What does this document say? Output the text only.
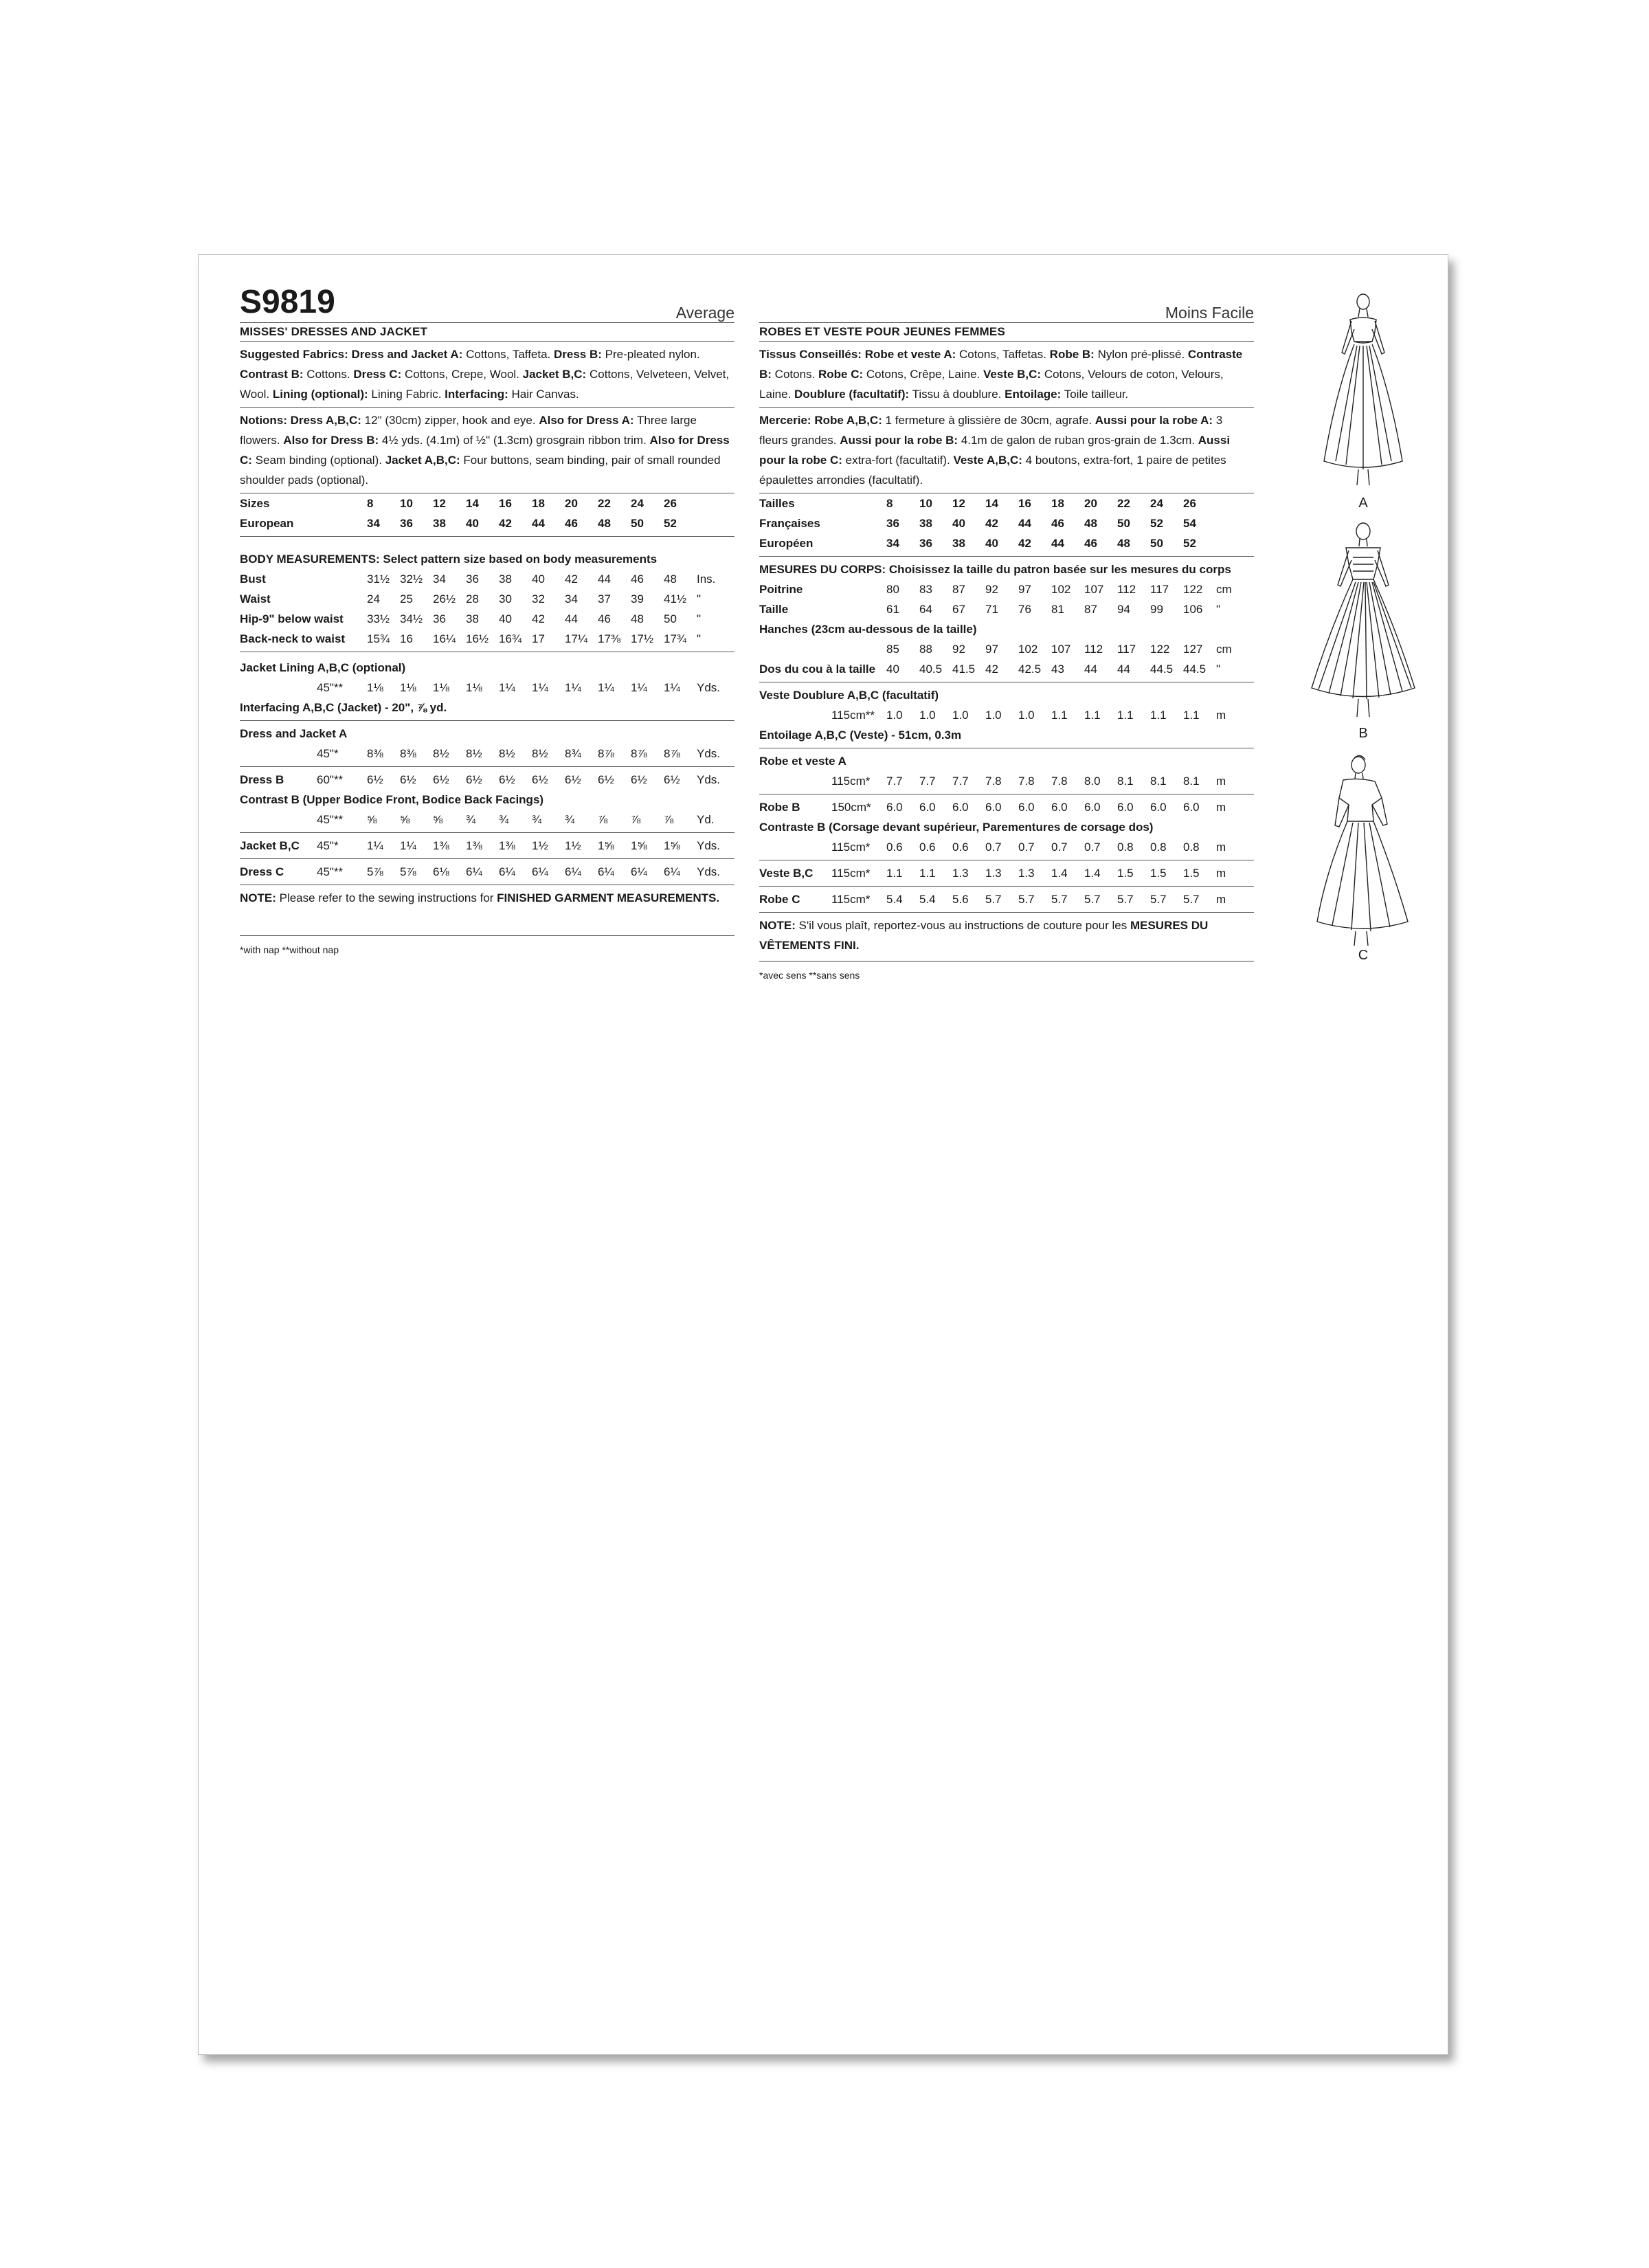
S9819	Average
MISSES' DRESSES AND JACKET
Suggested Fabrics: Dress and Jacket A: Cottons, Taffeta. Dress B: Pre-pleated nylon. Contrast B: Cottons. Dress C: Cottons, Crepe, Wool. Jacket B,C: Cottons, Velveteen, Velvet, Wool. Lining (optional): Lining Fabric. Interfacing: Hair Canvas.
Notions: Dress A,B,C: 12" (30cm) zipper, hook and eye. Also for Dress A: Three large flowers. Also for Dress B: 4½ yds. (4.1m) of ½" (1.3cm) grosgrain ribbon trim. Also for Dress C: Seam binding (optional). Jacket A,B,C: Four buttons, seam binding, pair of small rounded shoulder pads (optional).
Sizes		8	10	12	14	16	18	20	22	24	26	
European		34	36	38	40	42	44	46	48	50	52	
BODY MEASUREMENTS: Select pattern size based on body measurements
Bust		31½	32½	34	36	38	40	42	44	46	48	Ins.
Waist		24	25	26½	28	30	32	34	37	39	41½	"
Hip-9" below waist		33½	34½	36	38	40	42	44	46	48	50	"
Back-neck to waist		15¾	16	16¼	16½	16¾	17	17¼	17⅜	17½	17¾	"
Jacket Lining A,B,C (optional)
	45"**	1⅛	1⅛	1⅛	1⅛	1¼	1¼	1¼	1¼	1¼	1¼	Yds.
Interfacing A,B,C (Jacket) - 20", ⅞ yd.
Dress and Jacket A
	45"*	8⅜	8⅜	8½	8½	8½	8½	8¾	8⅞	8⅞	8⅞	Yds.
Dress B	60"**	6½	6½	6½	6½	6½	6½	6½	6½	6½	6½	Yds.
Contrast B (Upper Bodice Front, Bodice Back Facings)
	45"**	⅝	⅝	⅝	¾	¾	¾	¾	⅞	⅞	⅞	Yd.
Jacket B,C	45"*	1¼	1¼	1⅜	1⅜	1⅜	1½	1½	1⅝	1⅝	1⅝	Yds.
Dress C	45"**	5⅞	5⅞	6⅛	6¼	6¼	6¼	6¼	6¼	6¼	6¼	Yds.
NOTE: Please refer to the sewing instructions for FINISHED GARMENT MEASUREMENTS.
*with nap **without nap
Moins Facile
ROBES ET VESTE POUR JEUNES FEMMES
Tissus Conseillés: Robe et veste A: Cotons, Taffetas. Robe B: Nylon pré-plissé. Contraste B: Cotons. Robe C: Cotons, Crêpe, Laine. Veste B,C: Cotons, Velours de coton, Velours, Laine. Doublure (facultatif): Tissu à doublure. Entoilage: Toile tailleur.
Mercerie: Robe A,B,C: 1 fermeture à glissière de 30cm, agrafe. Aussi pour la robe A: 3 fleurs grandes. Aussi pour la robe B: 4.1m de galon de ruban gros-grain de 1.3cm. Aussi pour la robe C: extra-fort (facultatif). Veste A,B,C: 4 boutons, extra-fort, 1 paire de petites épaulettes arrondies (facultatif).
Tailles		8	10	12	14	16	18	20	22	24	26	
Françaises		36	38	40	42	44	46	48	50	52	54	
Européen		34	36	38	40	42	44	46	48	50	52	
MESURES DU CORPS: Choisissez la taille du patron basée sur les mesures du corps
Poitrine		80	83	87	92	97	102	107	112	117	122	cm
Taille		61	64	67	71	76	81	87	94	99	106	"
Hanches (23cm au-dessous de la taille)
		85	88	92	97	102	107	112	117	122	127	cm
Dos du cou à la taille		40	40.5	41.5	42	42.5	43	44	44	44.5	44.5	"
Veste Doublure A,B,C (facultatif)
	115cm**	1.0	1.0	1.0	1.0	1.0	1.1	1.1	1.1	1.1	1.1	m
Entoilage A,B,C (Veste) - 51cm, 0.3m
Robe et veste A
	115cm*	7.7	7.7	7.7	7.8	7.8	7.8	8.0	8.1	8.1	8.1	m
Robe B	150cm*	6.0	6.0	6.0	6.0	6.0	6.0	6.0	6.0	6.0	6.0	m
Contraste B (Corsage devant supérieur, Parementures de corsage dos)
	115cm*	0.6	0.6	0.6	0.7	0.7	0.7	0.7	0.8	0.8	0.8	m
Veste B,C	115cm*	1.1	1.1	1.3	1.3	1.3	1.4	1.4	1.5	1.5	1.5	m
Robe C	115cm*	5.4	5.4	5.6	5.7	5.7	5.7	5.7	5.7	5.7	5.7	m
NOTE: S'il vous plaît, reportez-vous au instructions de couture pour les MESURES DU VÊTEMENTS FINI.
*avec sens **sans sens
A
B
C
